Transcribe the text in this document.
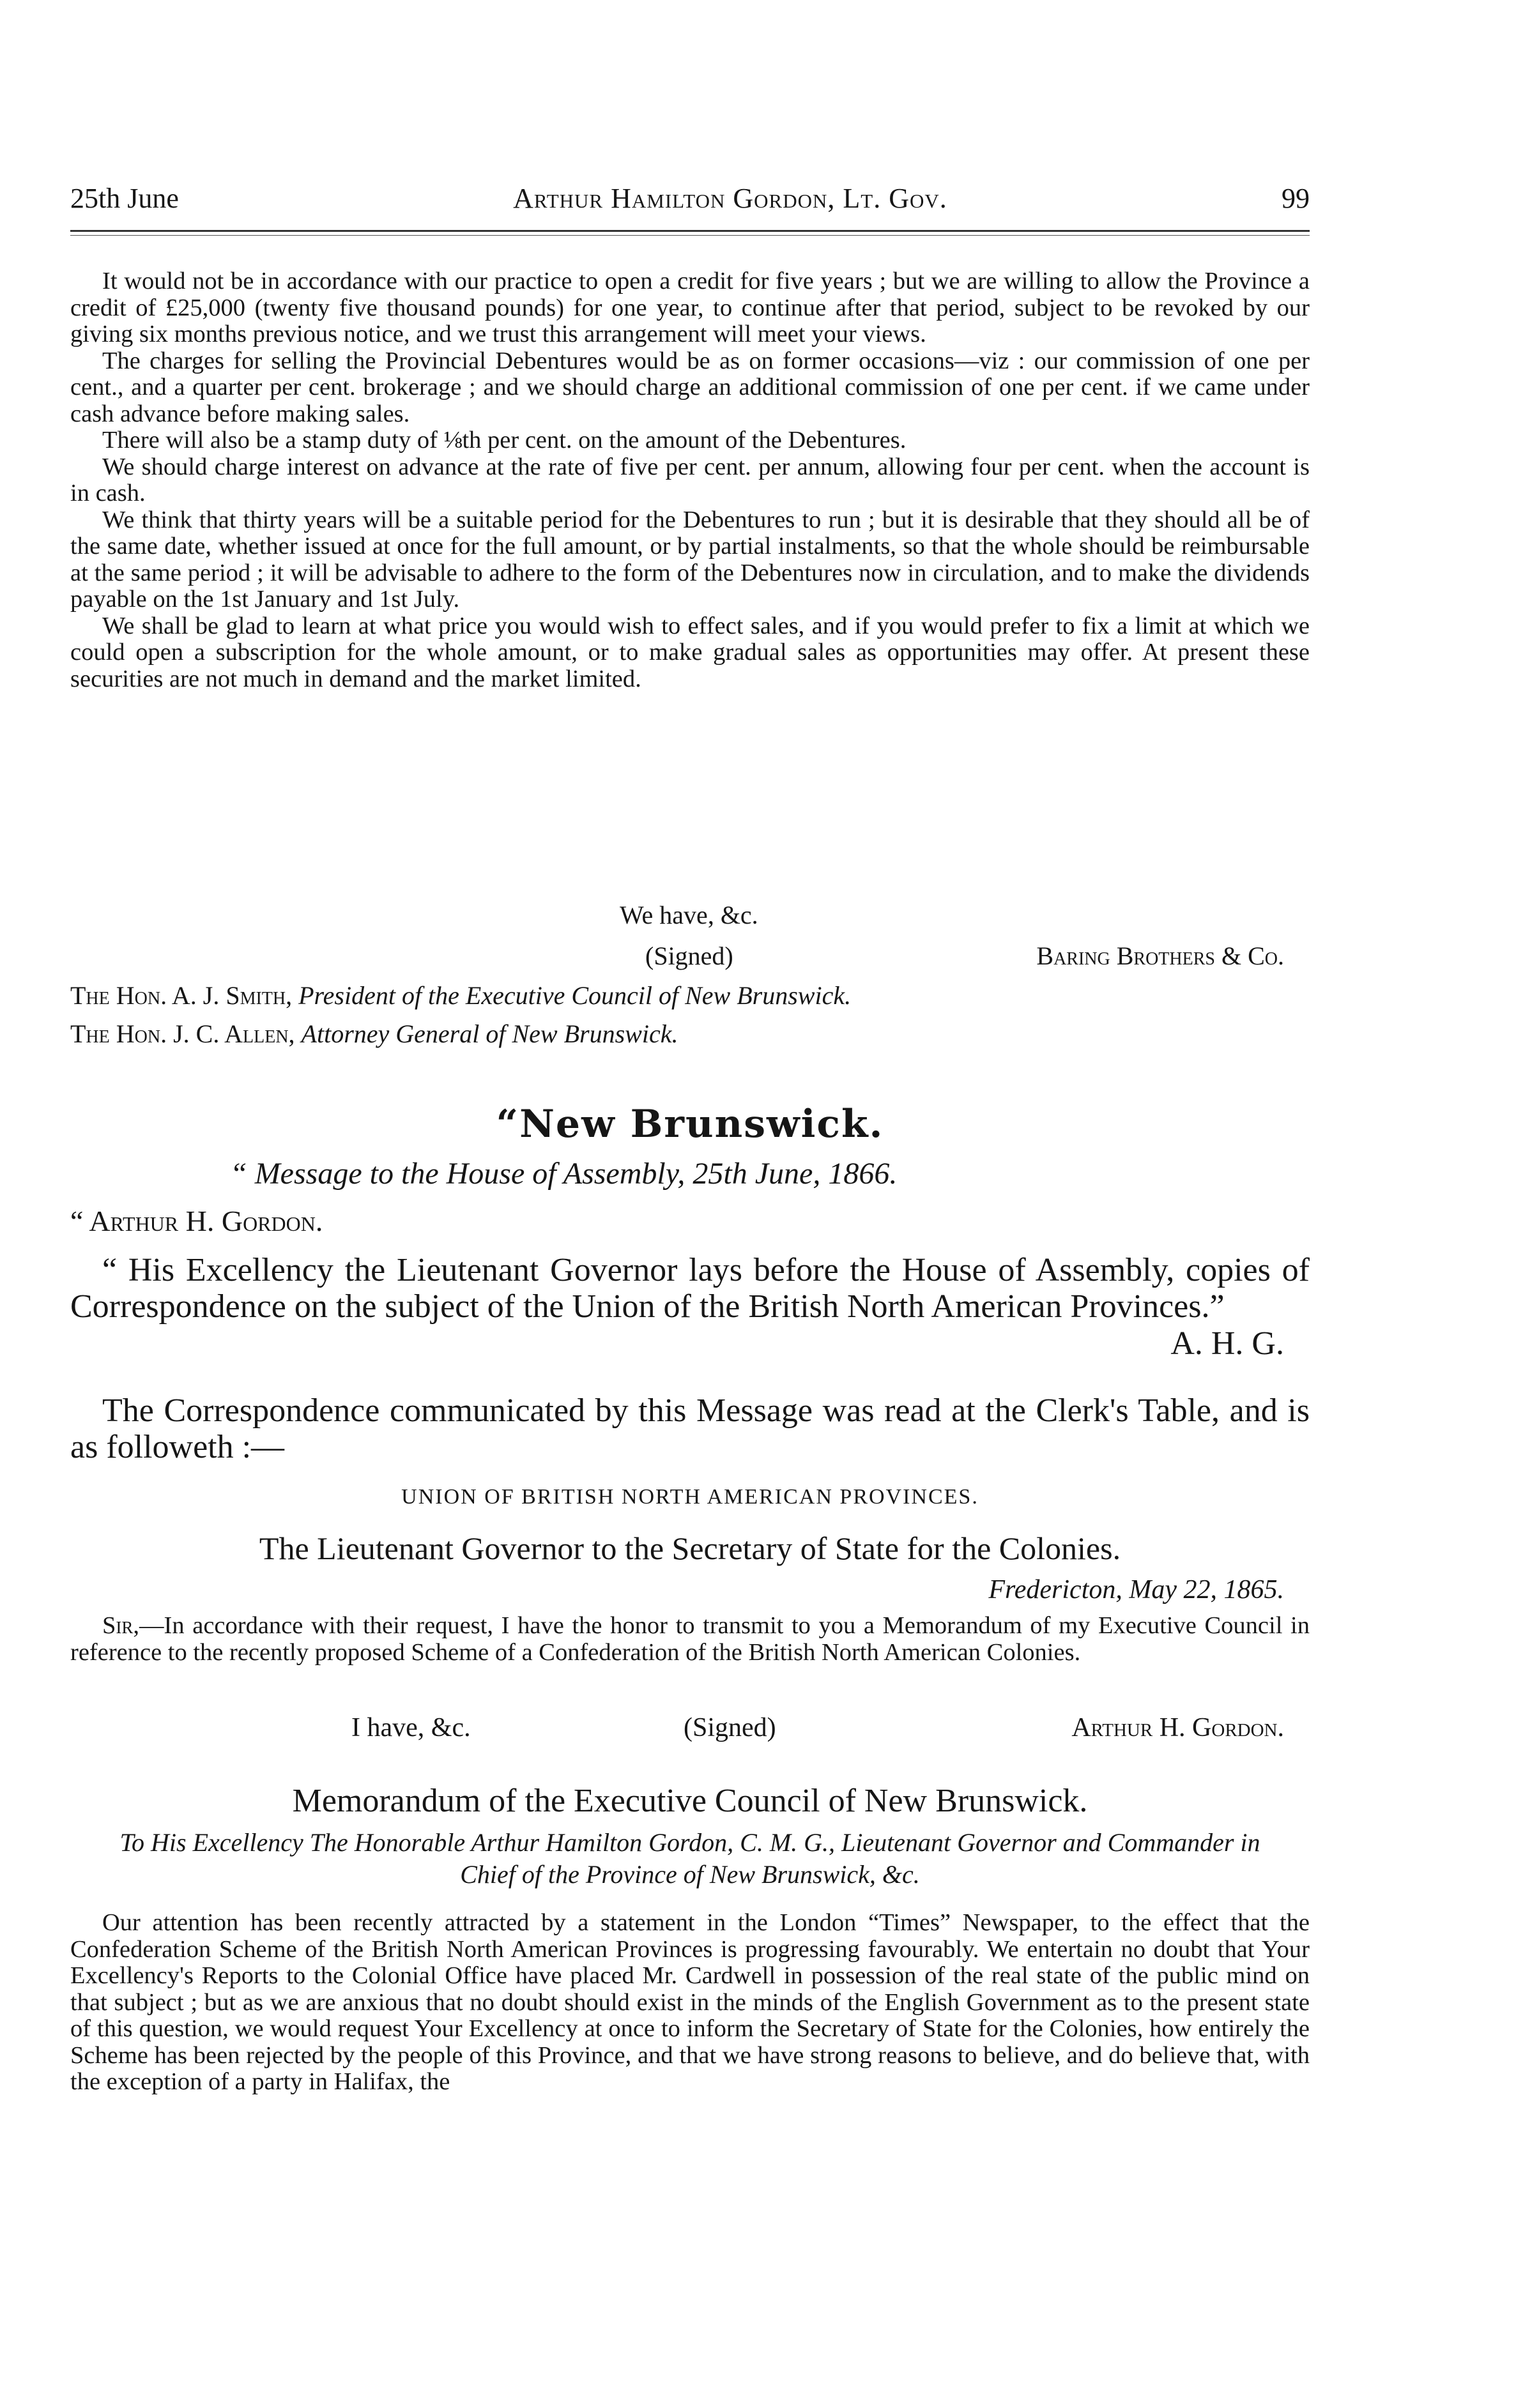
25th June	Arthur Hamilton Gordon, Lt. Gov.	99

It would not be in accordance with our practice to open a credit for five years ; but we are willing to allow the Province a credit of £25,000 (twenty five thousand pounds) for one year, to continue after that period, subject to be revoked by our giving six months previous notice, and we trust this arrangement will meet your views.

The charges for selling the Provincial Debentures would be as on former occasions—viz : our commission of one per cent., and a quarter per cent. brokerage ; and we should charge an additional commission of one per cent. if we came under cash advance before making sales.

There will also be a stamp duty of ⅛th per cent. on the amount of the Debentures.

We should charge interest on advance at the rate of five per cent. per annum, allowing four per cent. when the account is in cash.

We think that thirty years will be a suitable period for the Debentures to run ; but it is desirable that they should all be of the same date, whether issued at once for the full amount, or by partial instalments, so that the whole should be reimbursable at the same period ; it will be advisable to adhere to the form of the Debentures now in circulation, and to make the dividends payable on the 1st January and 1st July.

We shall be glad to learn at what price you would wish to effect sales, and if you would prefer to fix a limit at which we could open a subscription for the whole amount, or to make gradual sales as opportunities may offer. At present these securities are not much in demand and the market limited.

We have, &c.
(Signed)	Baring Brothers & Co.
The Hon. A. J. Smith, President of the Executive Council of New Brunswick.
The Hon. J. C. Allen, Attorney General of New Brunswick.
“New Brunswick.
“ Message to the House of Assembly, 25th June, 1866.
“ Arthur H. Gordon.

“ His Excellency the Lieutenant Governor lays before the House of Assembly, copies of Correspondence on the subject of the Union of the British North American Provinces.”

A. H. G.

The Correspondence communicated by this Message was read at the Clerk's Table, and is as followeth :—

UNION OF BRITISH NORTH AMERICAN PROVINCES.
The Lieutenant Governor to the Secretary of State for the Colonies.
Fredericton, May 22, 1865.

Sir,—In accordance with their request, I have the honor to transmit to you a Memorandum of my Executive Council in reference to the recently proposed Scheme of a Confederation of the British North American Colonies.

I have, &c.	(Signed)	Arthur H. Gordon.
Memorandum of the Executive Council of New Brunswick.
To His Excellency The Honorable Arthur Hamilton Gordon, C. M. G., Lieutenant Governor and Commander in Chief of the Province of New Brunswick, &c.

Our attention has been recently attracted by a statement in the London “Times” Newspaper, to the effect that the Confederation Scheme of the British North American Provinces is progressing favourably. We entertain no doubt that Your Excellency's Reports to the Colonial Office have placed Mr. Cardwell in possession of the real state of the public mind on that subject ; but as we are anxious that no doubt should exist in the minds of the English Government as to the present state of this question, we would request Your Excellency at once to inform the Secretary of State for the Colonies, how entirely the Scheme has been rejected by the people of this Province, and that we have strong reasons to believe, and do believe that, with the exception of a party in Halifax, the
